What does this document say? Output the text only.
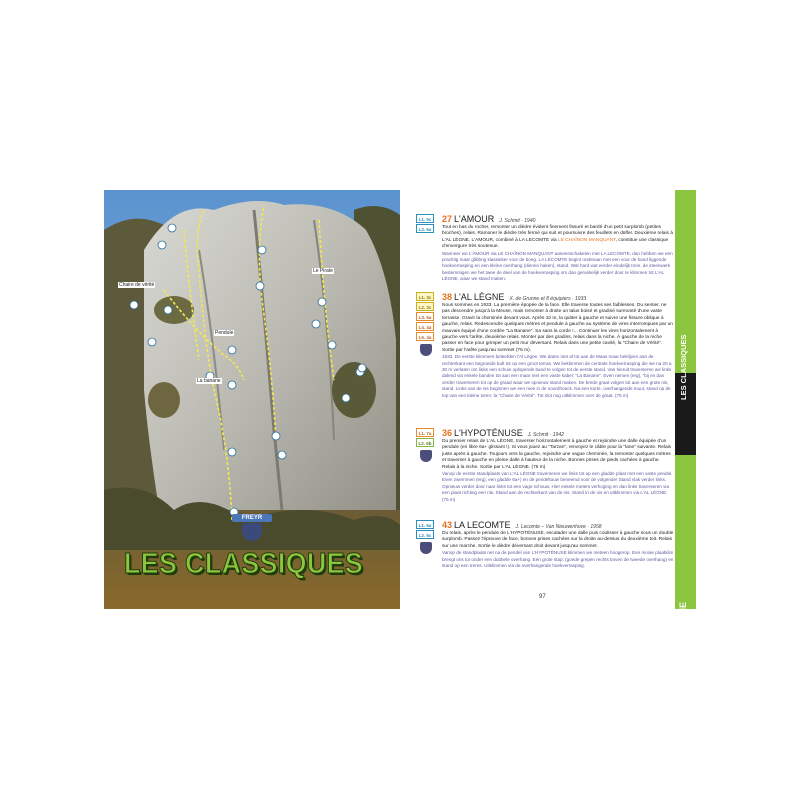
Chaire de vérité
Pendule
La banane
Le Pirate
FREYR
LES CLASSIQUES
L1. 5c
L2. 6a
27 L'AMOUR J. Schmit · 1940

Tout en bas du rocher, remonter un dièdre évident finement fissuré et bardé d'un petit surplomb (petites broches), relais. Ramoner le dièdre très fermé qui suit et poursuivre des feuillets en dülfer. Deuxième relais à L'AL LÈGNE. L'AMOUR, combiné à LA LECOMTE via LE CHAÎNON MANQUANT, constitue une classique d'envergure très soutenue.

Wanneer we L'AMOUR via LE CHAÎNON MANQUANT aaneenschakelen met LA LECOMTE, dan hebben we een prachtig maar glibbrig klassieker voor de boeg. LA LECOMTE begint onderaan met een voor de hand liggende hoekverrasping en een kleine overhang (dienen haken), stand. Wat hard wat eerder eindelijk trein. de steenwerk bestemmigen we het twee de deel van de hoekverrasping om dan geruskelijk verder door te klimmen tot L'AL LÈGNE, waar we stand maken.

L1. 3c
L2. 3c
L3. 5a
L4. 4a
L5. 4a
38 L'AL LÈGNE X. de Grunne et 8 équipiers · 1933

Nous sommes en 1933. La première épopée de la face. Elle traverse toutes ses faiblesses. Du sentier, ne pas descendre jusqu'à la Meuse, mais remonter à droite un talus boisé et gradiné surmonté d'une vaste terrasse. Gravir la cheminée devant vous. Après 10 m, la quitter à gauche et suivre une fissure oblique à gauche, relais. Redescendre quelques mètres et pendule à gauche au système de vires interrompues par un mauvais équipé d'une cordée "La Banane". Sa sans la corde !... Continuer les vires horizontalement à gauche vers l'arête, deuxième relais. Monter par des gradins, relais dans la niche. À gauche de la niche passer en face pour grimper un petit mur déversant. Relais dans une petite cavité, la "Chaire de Vérité". Sortie par l'arête jusqu'au sommet (75 m).

1933. De eerste klimmers beleefden l'Al Lègne. We daten niet af tot aan de Maas maar beklijven aan de rechterkant een begroeide bult tot op een groot terras. We beklimmen de centrale hoekverrasping die we na 20 a 30 m verlaten om links een schuin oplopende band te volgen tot de eerste stand. Van hieruit traverseren we links dalend via enkele banden tot aan een maar met een vaste kabel: "La Banane". Even nemen (erg), "bij en dan verder traverseren tot op de graad waar we opnieuw stand maken. De brede graat volgen tot aan een grote nis, stand. Links van de nis beginnen we een mee in de noordhoeck. Na een korte, overhangende muur, stand op de top van een kleine toren: la "Chaire de Vérité". Tot slot nog uitklimmen over de graat. (75 m)

L1. 7a
L2. 6b
36 L'HYPOTÉNUSE J. Schmit · 1942

Du premier relais de L'AL LÈGNE, traverser horizontalement à gauche et rejoindre une dalle équipée d'un pendule (en libre 6a+ glissant !). Si vous jouez au "Tarzan", renvoyez le câble pour la "lane" suivante. Relais juste après à gauche. Toujours vers la gauche, rejoindre une vague cheminée, la remonter quelques mètres et traverser à gauche en pleine dalle à hauteur de la niche. Bonnes prises de pieds cachées à gauche. Relais à la niche. Sortie par L'AL LÈGNE. (75 m)

Vanop de eerste standplaats van L'AL LÈGNE traverseren we links tot op een gladde plaat met een vaste pendel. Even zwemmen (erg), een gladde 6a+) en de pendeltouw beneemd voor de volgende! Stand vlak verder links. Opnieuw verder door naar links tot een vage schouw. Hier enkele meters verhoging en dan links traverseren via een plaat richting een nis. Stand aan de rechterkant van de nis. Stand in de nis en uitklimmen via L'AL LÈGNE. (75 m)

L1. 6a
L2. 5c
43 LA LECOMTE J. Lecomte – Van Nieuwenhove · 1958

Du relais, après le pendule de L'HYPOTÉNUSE, escalader une dalle puis coulisser à gauche sous un double surplomb. Passez l'épreuve de face, bonnes prises cachées sur la droite au-dessus du deuxième toit. Relais sur une marche. Sortie le dièdre déversant droit devant jusqu'au sommet.

Vanop de standplaats net na de pendel van L'HYPOTÉNUSE klimmen we meteen hoogerop. Een mooie plaatklim brengt ons tot onder een dubbele overhang. Eén grote stap: (goede grepen rechts boven de tweede overhang) en stand op een treres. Uitklimmen via de overhangende hoekverrasping.

97
L'AL LÈGNE
LES CLASSIQUES
